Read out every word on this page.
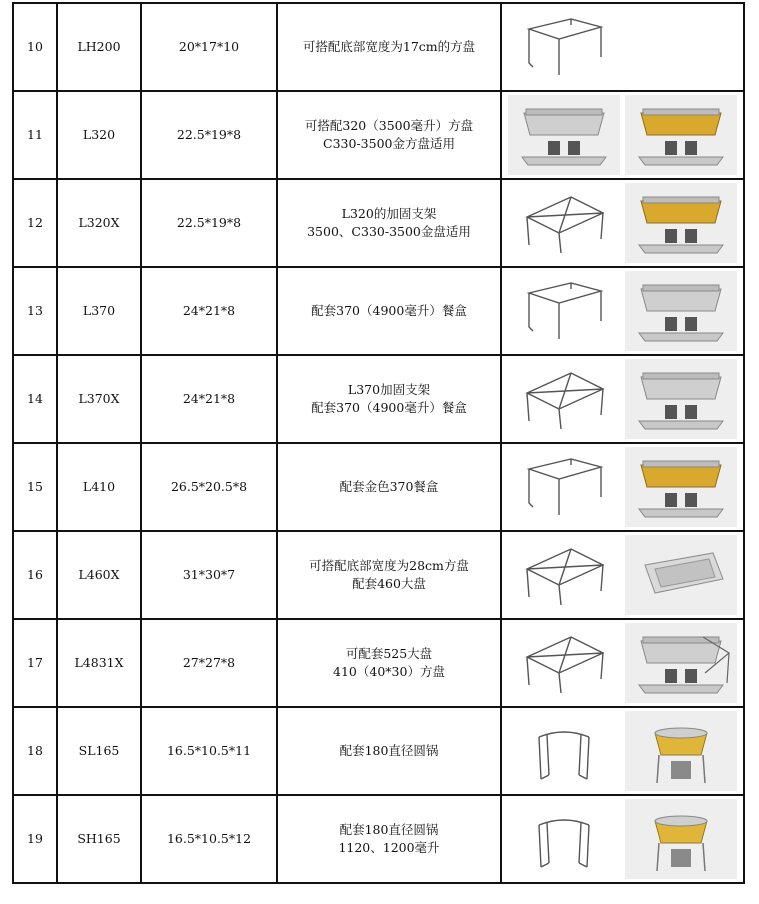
10	LH200	20*17*10	可搭配底部宽度为17cm的方盘

11	L320	22.5*19*8	可搭配320（3500毫升）方盘
C330-3500金方盘适用

12	L320X	22.5*19*8	L320的加固支架
3500、C330-3500金盘适用

13	L370	24*21*8	配套370（4900毫升）餐盒

14	L370X	24*21*8	L370加固支架
配套370（4900毫升）餐盒

15	L410	26.5*20.5*8	配套金色370餐盒

16	L460X	31*30*7	可搭配底部宽度为28cm方盘
配套460大盘

17	L4831X	27*27*8	可配套525大盘
410（40*30）方盘

18	SL165	16.5*10.5*11	配套180直径圆锅

19	SH165	16.5*10.5*12	配套180直径圆锅
1120、1200毫升
